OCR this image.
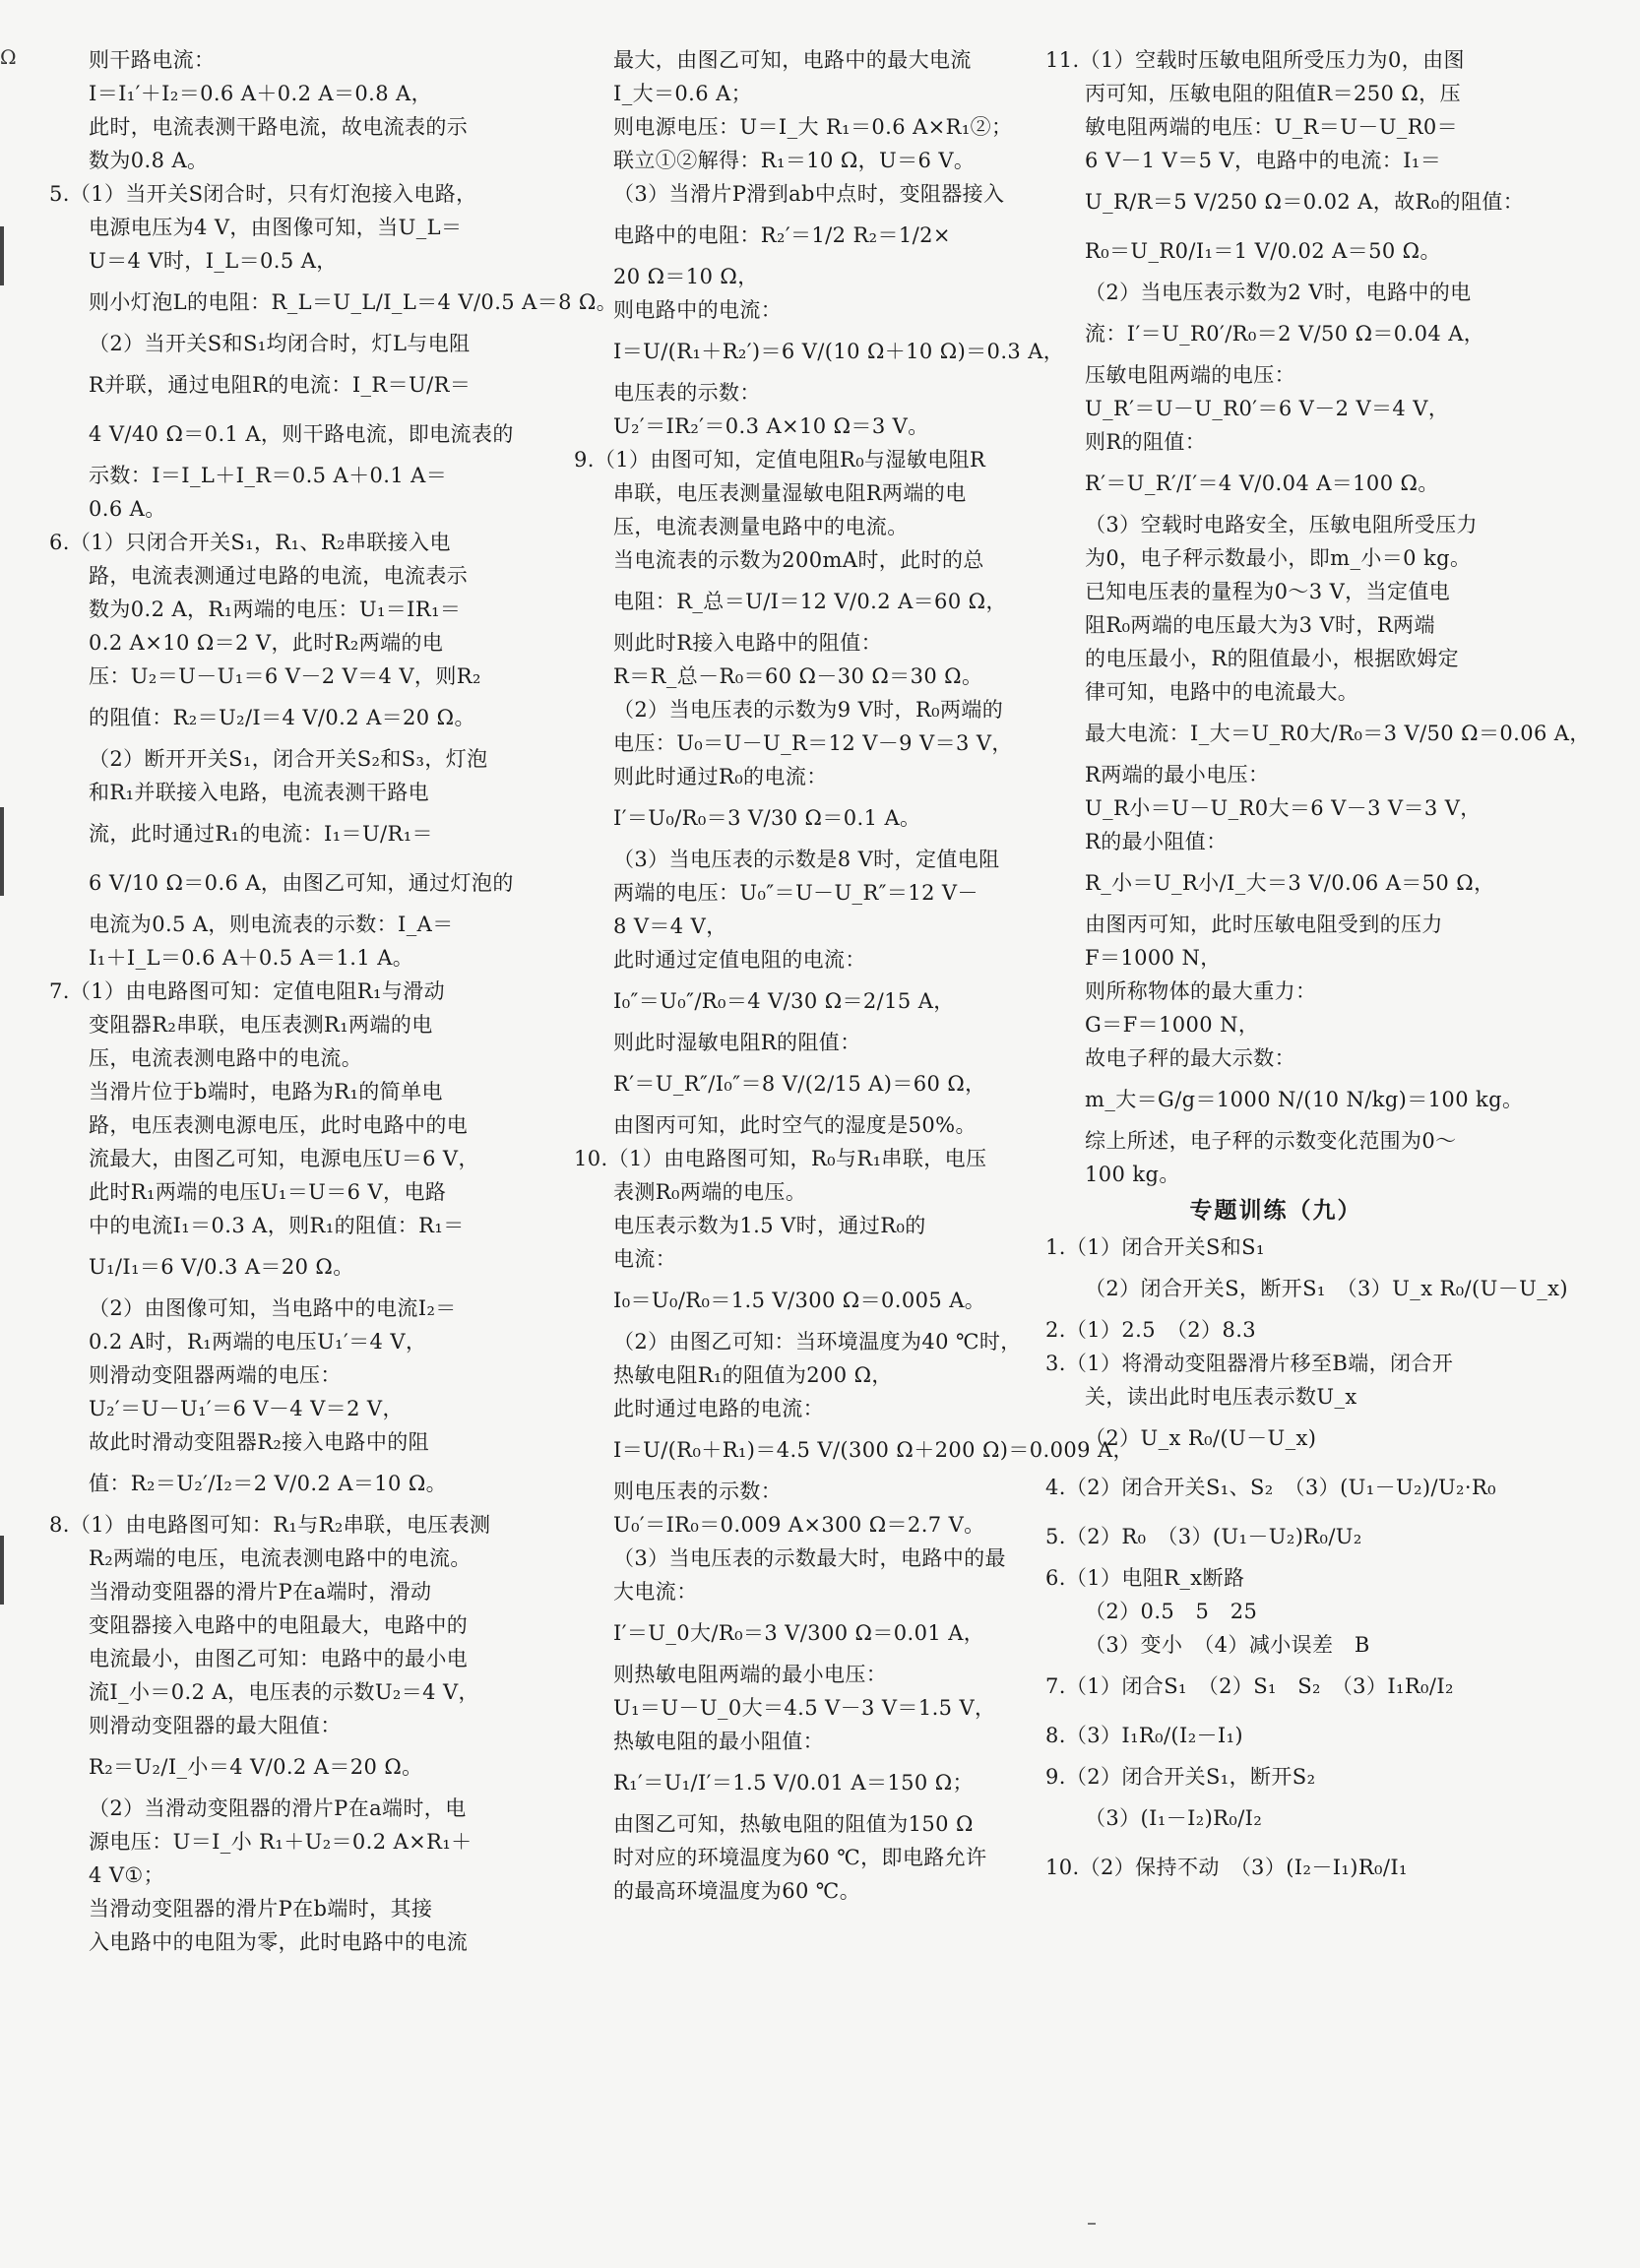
Ω	则干路电流：
I＝I₁′＋I₂＝0.6 A＋0.2 A＝0.8 A，
此时，电流表测干路电流，故电流表的示
数为0.8 A。
5.（1）当开关S闭合时，只有灯泡接入电路，
电源电压为4 V，由图像可知，当U_L＝
U＝4 V时，I_L＝0.5 A，
则小灯泡L的电阻：R_L＝U_L/I_L＝4 V/0.5 A＝8 Ω。
（2）当开关S和S₁均闭合时，灯L与电阻
R并联，通过电阻R的电流：I_R＝U/R＝
4 V/40 Ω＝0.1 A，则干路电流，即电流表的
示数：I＝I_L＋I_R＝0.5 A＋0.1 A＝
0.6 A。
6.（1）只闭合开关S₁，R₁、R₂串联接入电
路，电流表测通过电路的电流，电流表示
数为0.2 A，R₁两端的电压：U₁＝IR₁＝
0.2 A×10 Ω＝2 V，此时R₂两端的电
压：U₂＝U－U₁＝6 V－2 V＝4 V，则R₂
的阻值：R₂＝U₂/I＝4 V/0.2 A＝20 Ω。
（2）断开开关S₁，闭合开关S₂和S₃，灯泡
和R₁并联接入电路，电流表测干路电
流，此时通过R₁的电流：I₁＝U/R₁＝
6 V/10 Ω＝0.6 A，由图乙可知，通过灯泡的
电流为0.5 A，则电流表的示数：I_A＝
I₁＋I_L＝0.6 A＋0.5 A＝1.1 A。
7.（1）由电路图可知：定值电阻R₁与滑动
变阻器R₂串联，电压表测R₁两端的电
压，电流表测电路中的电流。
当滑片位于b端时，电路为R₁的简单电
路，电压表测电源电压，此时电路中的电
流最大，由图乙可知，电源电压U＝6 V，
此时R₁两端的电压U₁＝U＝6 V，电路
中的电流I₁＝0.3 A，则R₁的阻值：R₁＝
U₁/I₁＝6 V/0.3 A＝20 Ω。
（2）由图像可知，当电路中的电流I₂＝
0.2 A时，R₁两端的电压U₁′＝4 V，
则滑动变阻器两端的电压：
U₂′＝U－U₁′＝6 V－4 V＝2 V，
故此时滑动变阻器R₂接入电路中的阻
值：R₂＝U₂′/I₂＝2 V/0.2 A＝10 Ω。
8.（1）由电路图可知：R₁与R₂串联，电压表测
R₂两端的电压，电流表测电路中的电流。
当滑动变阻器的滑片P在a端时，滑动
变阻器接入电路中的电阻最大，电路中的
电流最小，由图乙可知：电路中的最小电
流I_小＝0.2 A，电压表的示数U₂＝4 V，
则滑动变阻器的最大阻值：
R₂＝U₂/I_小＝4 V/0.2 A＝20 Ω。
（2）当滑动变阻器的滑片P在a端时，电
源电压：U＝I_小 R₁＋U₂＝0.2 A×R₁＋
4 V①；
当滑动变阻器的滑片P在b端时，其接
入电路中的电阻为零，此时电路中的电流
最大，由图乙可知，电路中的最大电流
I_大＝0.6 A；
则电源电压：U＝I_大 R₁＝0.6 A×R₁②；
联立①②解得：R₁＝10 Ω，U＝6 V。
（3）当滑片P滑到ab中点时，变阻器接入
电路中的电阻：R₂′＝1/2 R₂＝1/2×
20 Ω＝10 Ω，
则电路中的电流：
I＝U/(R₁＋R₂′)＝6 V/(10 Ω＋10 Ω)＝0.3 A，
电压表的示数：
U₂′＝IR₂′＝0.3 A×10 Ω＝3 V。
9.（1）由图可知，定值电阻R₀与湿敏电阻R
串联，电压表测量湿敏电阻R两端的电
压，电流表测量电路中的电流。
当电流表的示数为200mA时，此时的总
电阻：R_总＝U/I＝12 V/0.2 A＝60 Ω，
则此时R接入电路中的阻值：
R＝R_总－R₀＝60 Ω－30 Ω＝30 Ω。
（2）当电压表的示数为9 V时，R₀两端的
电压：U₀＝U－U_R＝12 V－9 V＝3 V，
则此时通过R₀的电流：
I′＝U₀/R₀＝3 V/30 Ω＝0.1 A。
（3）当电压表的示数是8 V时，定值电阻
两端的电压：U₀″＝U－U_R″＝12 V－
8 V＝4 V，
此时通过定值电阻的电流：
I₀″＝U₀″/R₀＝4 V/30 Ω＝2/15 A，
则此时湿敏电阻R的阻值：
R′＝U_R″/I₀″＝8 V/(2/15 A)＝60 Ω，
由图丙可知，此时空气的湿度是50%。
10.（1）由电路图可知，R₀与R₁串联，电压
表测R₀两端的电压。
电压表示数为1.5 V时，通过R₀的
电流：
I₀＝U₀/R₀＝1.5 V/300 Ω＝0.005 A。
（2）由图乙可知：当环境温度为40 ℃时，
热敏电阻R₁的阻值为200 Ω，
此时通过电路的电流：
I＝U/(R₀＋R₁)＝4.5 V/(300 Ω＋200 Ω)＝0.009 A，
则电压表的示数：
U₀′＝IR₀＝0.009 A×300 Ω＝2.7 V。
（3）当电压表的示数最大时，电路中的最
大电流：
I′＝U_0大/R₀＝3 V/300 Ω＝0.01 A，
则热敏电阻两端的最小电压：
U₁＝U－U_0大＝4.5 V－3 V＝1.5 V，
热敏电阻的最小阻值：
R₁′＝U₁/I′＝1.5 V/0.01 A＝150 Ω；
由图乙可知，热敏电阻的阻值为150 Ω
时对应的环境温度为60 ℃，即电路允许
的最高环境温度为60 ℃。
11.（1）空载时压敏电阻所受压力为0，由图
丙可知，压敏电阻的阻值R＝250 Ω，压
敏电阻两端的电压：U_R＝U－U_R0＝
6 V－1 V＝5 V，电路中的电流：I₁＝
U_R/R＝5 V/250 Ω＝0.02 A，故R₀的阻值：
R₀＝U_R0/I₁＝1 V/0.02 A＝50 Ω。
（2）当电压表示数为2 V时，电路中的电
流：I′＝U_R0′/R₀＝2 V/50 Ω＝0.04 A，
压敏电阻两端的电压：
U_R′＝U－U_R0′＝6 V－2 V＝4 V，
则R的阻值：
R′＝U_R′/I′＝4 V/0.04 A＝100 Ω。
（3）空载时电路安全，压敏电阻所受压力
为0，电子秤示数最小，即m_小＝0 kg。
已知电压表的量程为0～3 V，当定值电
阻R₀两端的电压最大为3 V时，R两端
的电压最小，R的阻值最小，根据欧姆定
律可知，电路中的电流最大。
最大电流：I_大＝U_R0大/R₀＝3 V/50 Ω＝0.06 A，
R两端的最小电压：
U_R小＝U－U_R0大＝6 V－3 V＝3 V，
R的最小阻值：
R_小＝U_R小/I_大＝3 V/0.06 A＝50 Ω，
由图丙可知，此时压敏电阻受到的压力
F＝1000 N，
则所称物体的最大重力：
G＝F＝1000 N，
故电子秤的最大示数：
m_大＝G/g＝1000 N/(10 N/kg)＝100 kg。
综上所述，电子秤的示数变化范围为0～
100 kg。
专题训练（九）
1.（1）闭合开关S和S₁
（2）闭合开关S，断开S₁　（3）U_x R₀/(U－U_x)
2.（1）2.5　（2）8.3
3.（1）将滑动变阻器滑片移至B端，闭合开
关，读出此时电压表示数U_x
（2）U_x R₀/(U－U_x)
4.（2）闭合开关S₁、S₂　（3）(U₁－U₂)/U₂·R₀
5.（2）R₀　（3）(U₁－U₂)R₀/U₂
6.（1）电阻R_x断路
（2）0.5　5　25
（3）变小　（4）减小误差　B
7.（1）闭合S₁　（2）S₁　S₂　（3）I₁R₀/I₂
8.（3）I₁R₀/(I₂－I₁)
9.（2）闭合开关S₁，断开S₂
（3）(I₁－I₂)R₀/I₂
10.（2）保持不动　（3）(I₂－I₁)R₀/I₁
